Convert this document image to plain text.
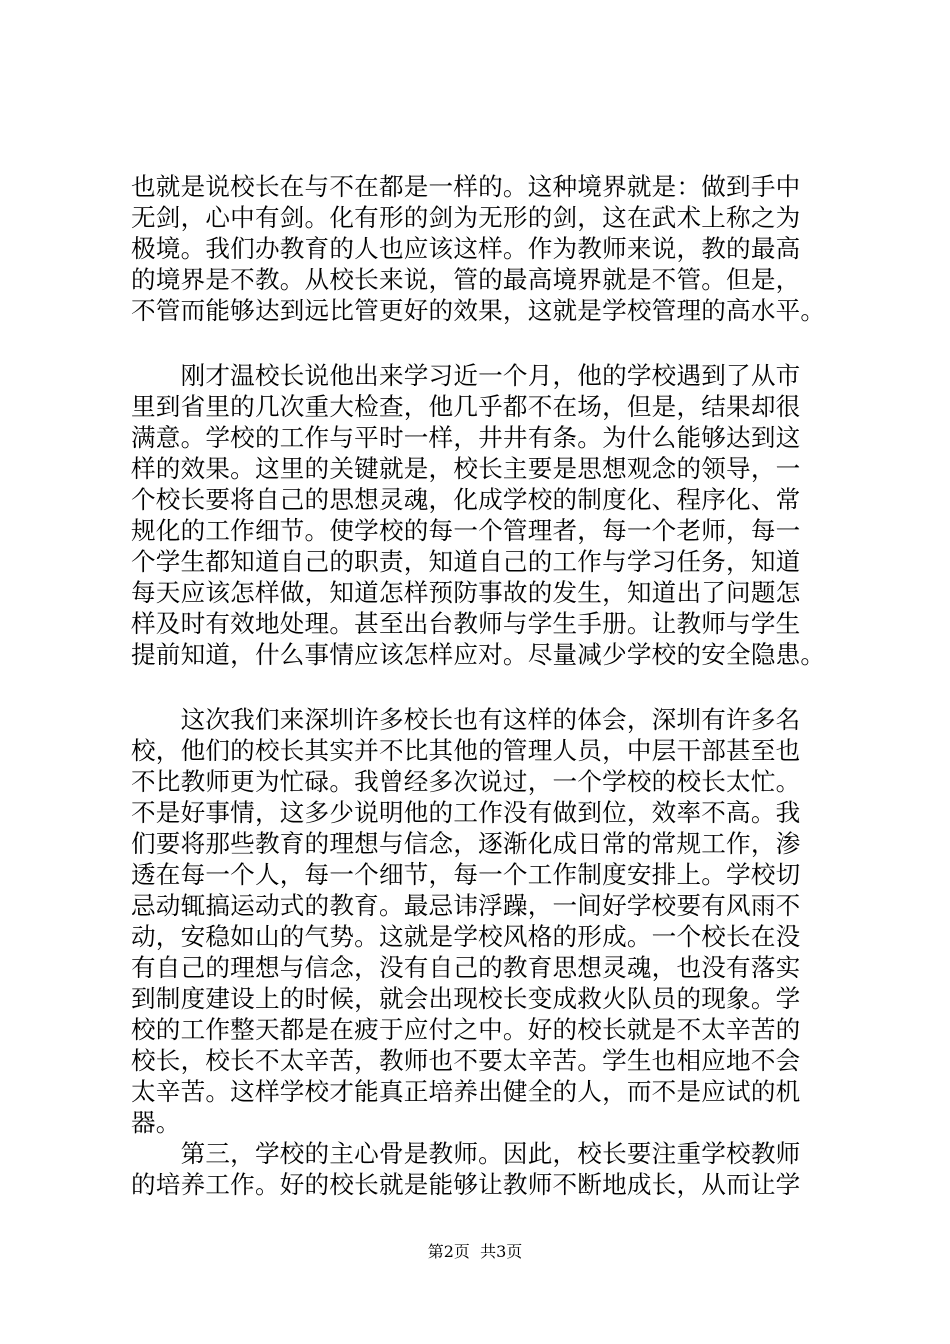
也就是说校长在与不在都是一样的。这种境界就是：做到手中
无剑，心中有剑。化有形的剑为无形的剑，这在武术上称之为
极境。我们办教育的人也应该这样。作为教师来说，教的最高
的境界是不教。从校长来说，管的最高境界就是不管。但是，
不管而能够达到远比管更好的效果，这就是学校管理的高水平。
　　刚才温校长说他出来学习近一个月，他的学校遇到了从市
里到省里的几次重大检查，他几乎都不在场，但是，结果却很
满意。学校的工作与平时一样，井井有条。为什么能够达到这
样的效果。这里的关键就是，校长主要是思想观念的领导，一
个校长要将自己的思想灵魂，化成学校的制度化、程序化、常
规化的工作细节。使学校的每一个管理者，每一个老师，每一
个学生都知道自己的职责，知道自己的工作与学习任务，知道
每天应该怎样做，知道怎样预防事故的发生，知道出了问题怎
样及时有效地处理。甚至出台教师与学生手册。让教师与学生
提前知道，什么事情应该怎样应对。尽量减少学校的安全隐患。
　　这次我们来深圳许多校长也有这样的体会，深圳有许多名
校，他们的校长其实并不比其他的管理人员，中层干部甚至也
不比教师更为忙碌。我曾经多次说过，一个学校的校长太忙。
不是好事情，这多少说明他的工作没有做到位，效率不高。我
们要将那些教育的理想与信念，逐渐化成日常的常规工作，渗
透在每一个人，每一个细节，每一个工作制度安排上。学校切
忌动辄搞运动式的教育。最忌讳浮躁，一间好学校要有风雨不
动，安稳如山的气势。这就是学校风格的形成。一个校长在没
有自己的理想与信念，没有自己的教育思想灵魂，也没有落实
到制度建设上的时候，就会出现校长变成救火队员的现象。学
校的工作整天都是在疲于应付之中。好的校长就是不太辛苦的
校长，校长不太辛苦，教师也不要太辛苦。学生也相应地不会
太辛苦。这样学校才能真正培养出健全的人，而不是应试的机
器。
　　第三，学校的主心骨是教师。因此，校长要注重学校教师
的培养工作。好的校长就是能够让教师不断地成长，从而让学
第2页  共3页
